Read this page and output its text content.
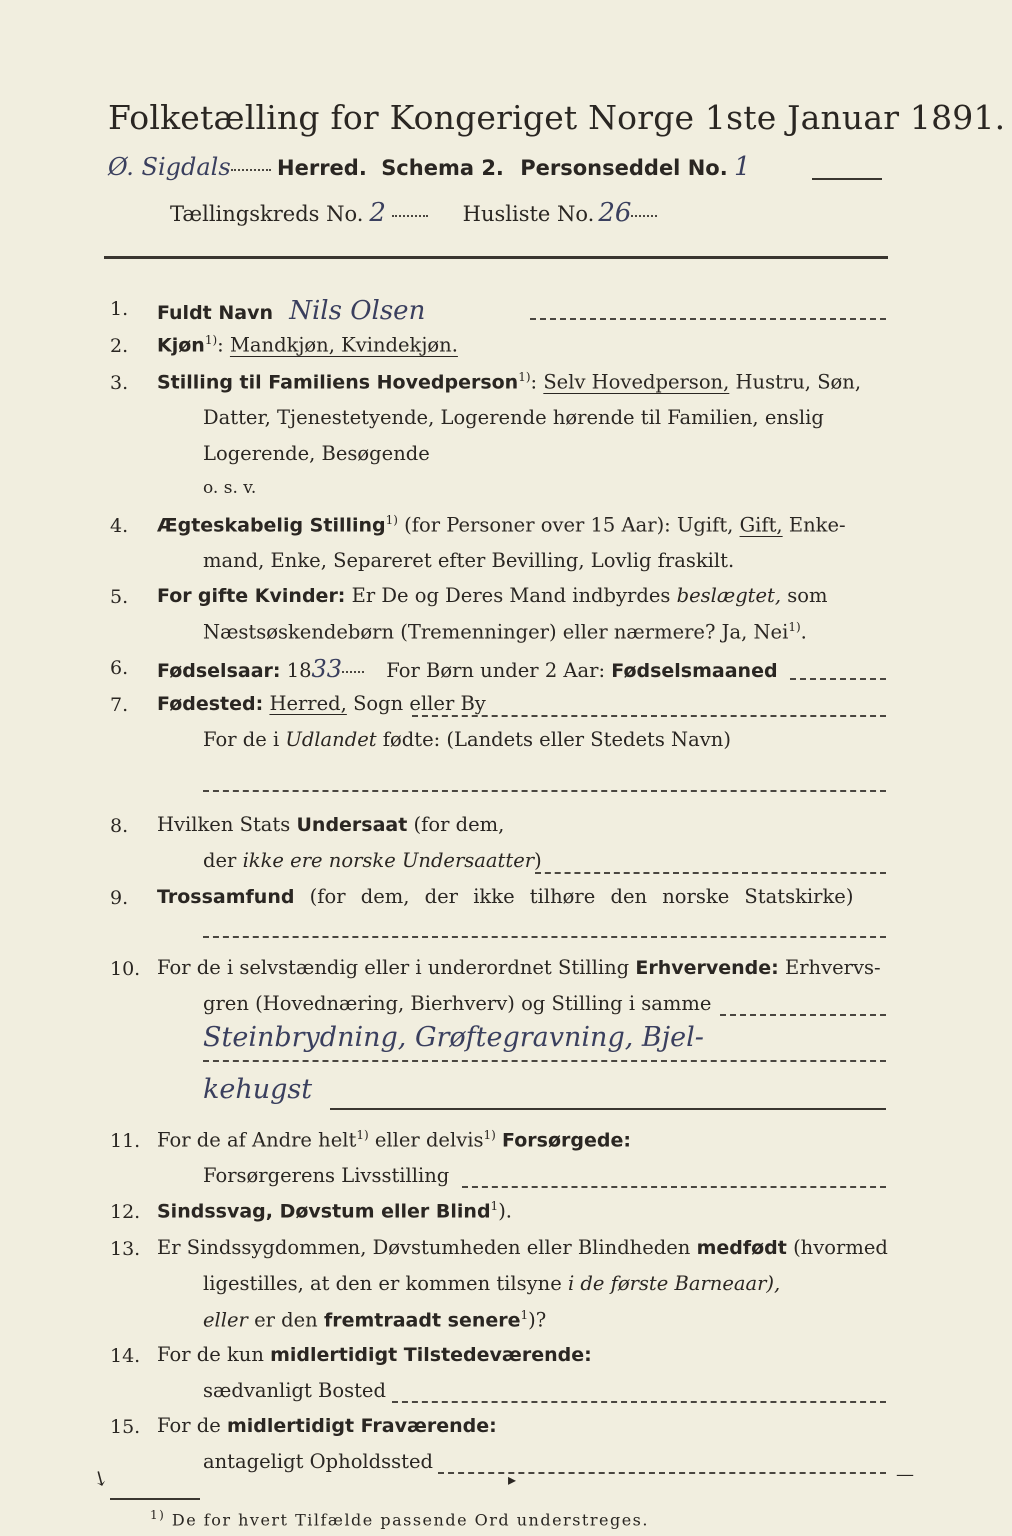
Folketælling for Kongeriget Norge 1ste Januar 1891.
Ø. Sigdals Herred. Schema 2. Personseddel No. 1
Tællingskreds No. 2	Husliste No. 26
1. Fuldt Navn Nils Olsen
2. Kjøn$^{1)}$: Mandkjøn, Kvindekjøn.
3. Stilling til Familiens Hovedperson$^{1)}$: Selv Hovedperson, Hustru, Søn,
Datter, Tjenestetyende, Logerende hørende til Familien, enslig
Logerende, Besøgende
o. s. v.
4. Ægteskabelig Stilling$^{1)}$ (for Personer over 15 Aar): Ugift, Gift, Enke-
mand, Enke, Separeret efter Bevilling, Lovlig fraskilt.
5. For gifte Kvinder: Er De og Deres Mand indbyrdes beslægtet, som
Næstsøskendebørn (Tremenninger) eller nærmere? Ja, Nei$^{1)}$.
6. Fødselsaar: 1833 For Børn under 2 Aar: Fødselsmaaned
7. Fødested: Herred, Sogn eller By
For de i Udlandet fødte: (Landets eller Stedets Navn)
8. Hvilken Stats Undersaat (for dem,
der ikke ere norske Undersaatter)
9. Trossamfund (for dem, der ikke tilhøre den norske Statskirke)
10. For de i selvstændig eller i underordnet Stilling Erhvervende: Erhvervs-
gren (Hovednæring, Bierhverv) og Stilling i samme
Steinbrydning, Grøftegravning, Bjel-
kehugst
11. For de af Andre helt$^{1)}$ eller delvis$^{1)}$ Forsørgede:
Forsørgerens Livsstilling
12. Sindssvag, Døvstum eller Blind$^1$).
13. Er Sindssygdommen, Døvstumheden eller Blindheden medfødt (hvormed
ligestilles, at den er kommen tilsyne i de første Barneaar),
eller er den fremtraadt senere$^1$)?
14. For de kun midlertidigt Tilstedeværende:
sædvanligt Bosted
15. For de midlertidigt Fraværende:
antageligt Opholdssted
$^{1)}$ De for hvert Tilfælde passende Ord understreges.
↘	▸	—
